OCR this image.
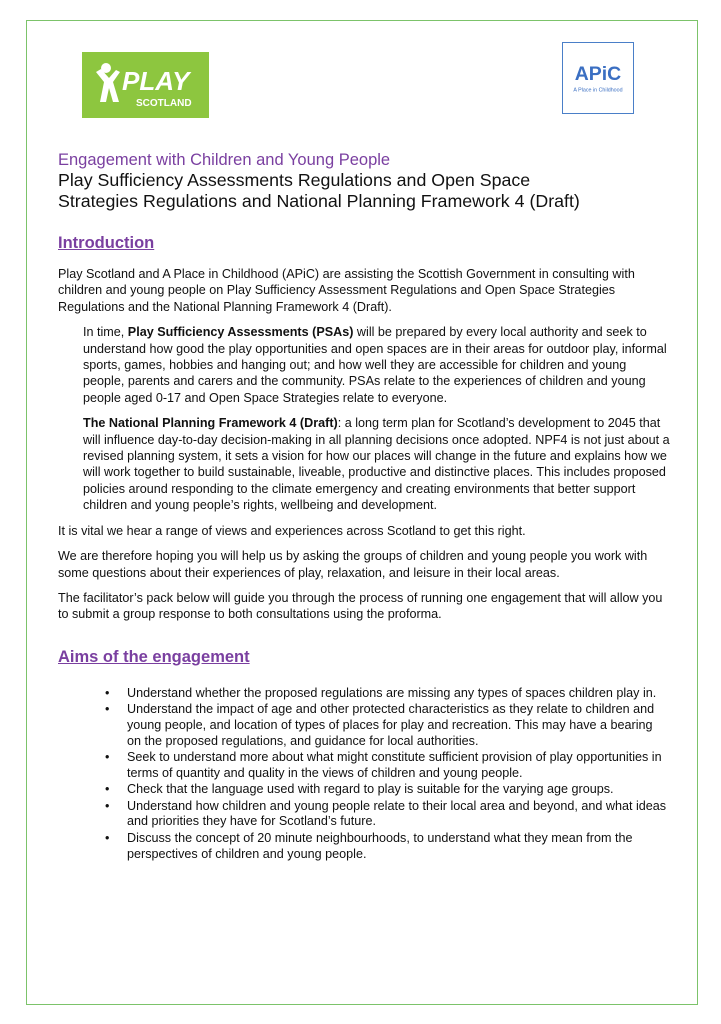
PLAY
SCOTLAND
APiC
A Place in Childhood
Engagement with Children and Young People
Play Sufficiency Assessments Regulations and Open Space
Strategies Regulations and National Planning Framework 4 (Draft)
Introduction

Play Scotland and A Place in Childhood (APiC) are assisting the Scottish Government in consulting with children and young people on Play Sufficiency Assessment Regulations and Open Space Strategies Regulations and the National Planning Framework 4 (Draft).

In time, Play Sufficiency Assessments (PSAs) will be prepared by every local authority and seek to understand how good the play opportunities and open spaces are in their areas for outdoor play, informal sports, games, hobbies and hanging out; and how well they are accessible for children and young people, parents and carers and the community. PSAs relate to the experiences of children and young people aged 0-17 and Open Space Strategies relate to everyone.

The National Planning Framework 4 (Draft): a long term plan for Scotland’s development to 2045 that will influence day-to-day decision-making in all planning decisions once adopted. NPF4 is not just about a revised planning system, it sets a vision for how our places will change in the future and explains how we will work together to build sustainable, liveable, productive and distinctive places. This includes proposed policies around responding to the climate emergency and creating environments that better support children and young people’s rights, wellbeing and development.

It is vital we hear a range of views and experiences across Scotland to get this right.

We are therefore hoping you will help us by asking the groups of children and young people you work with some questions about their experiences of play, relaxation, and leisure in their local areas.

The facilitator’s pack below will guide you through the process of running one engagement that will allow you to submit a group response to both consultations using the proforma.

Aims of the engagement
• Understand whether the proposed regulations are missing any types of spaces children play in.
• Understand the impact of age and other protected characteristics as they relate to children and young people, and location of types of places for play and recreation. This may have a bearing on the proposed regulations, and guidance for local authorities.
• Seek to understand more about what might constitute sufficient provision of play opportunities in terms of quantity and quality in the views of children and young people.
• Check that the language used with regard to play is suitable for the varying age groups.
• Understand how children and young people relate to their local area and beyond, and what ideas and priorities they have for Scotland’s future.
• Discuss the concept of 20 minute neighbourhoods, to understand what they mean from the perspectives of children and young people.
